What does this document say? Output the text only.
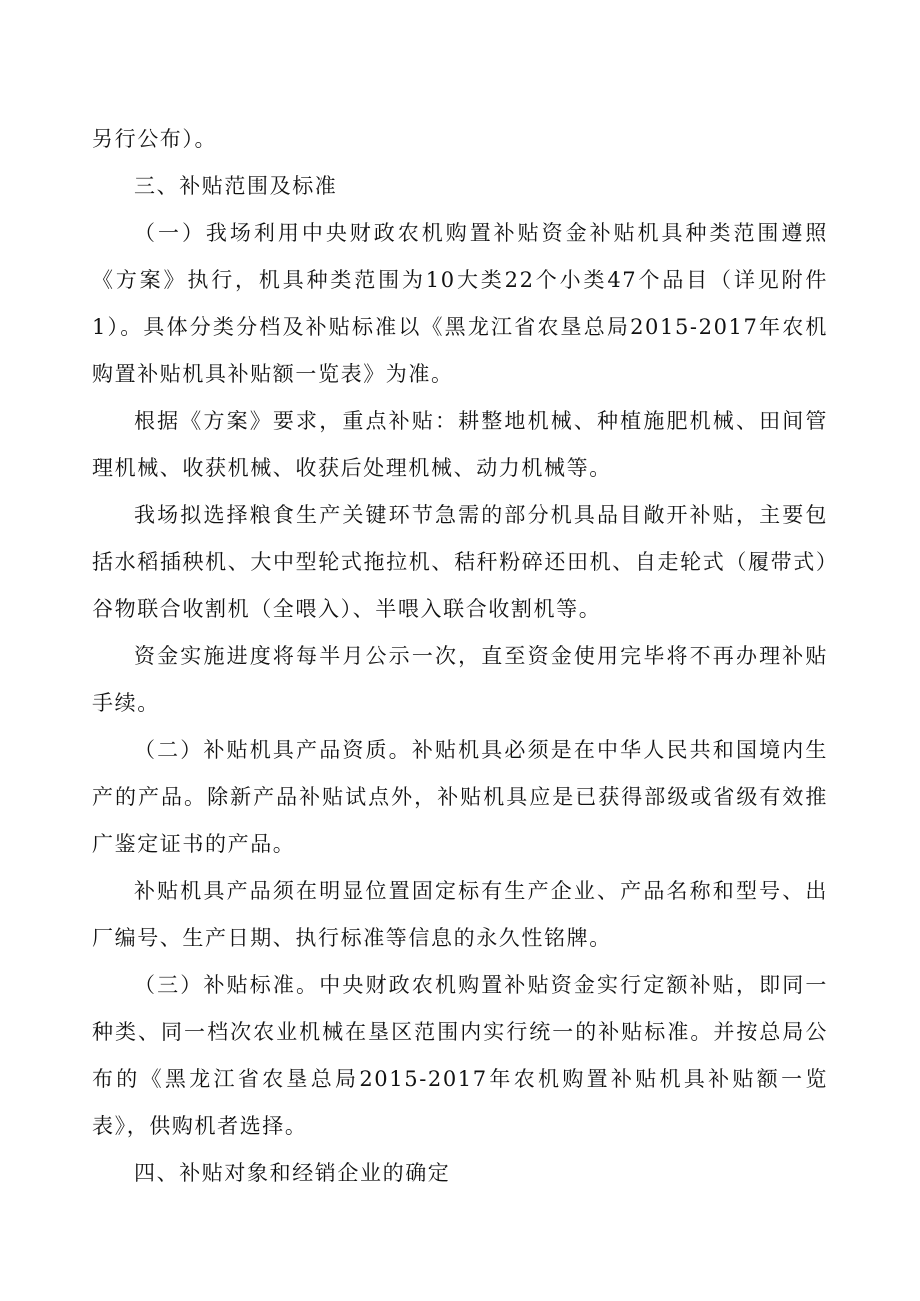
另行公布）。

三、补贴范围及标准

（一）我场利用中央财政农机购置补贴资金补贴机具种类范围遵照《方案》执行，机具种类范围为10大类22个小类47个品目（详见附件1）。具体分类分档及补贴标准以《黑龙江省农垦总局2015-2017年农机购置补贴机具补贴额一览表》为准。

根据《方案》要求，重点补贴：耕整地机械、种植施肥机械、田间管理机械、收获机械、收获后处理机械、动力机械等。

我场拟选择粮食生产关键环节急需的部分机具品目敞开补贴，主要包括水稻插秧机、大中型轮式拖拉机、秸秆粉碎还田机、自走轮式（履带式）谷物联合收割机（全喂入）、半喂入联合收割机等。

资金实施进度将每半月公示一次，直至资金使用完毕将不再办理补贴手续。

（二）补贴机具产品资质。补贴机具必须是在中华人民共和国境内生产的产品。除新产品补贴试点外，补贴机具应是已获得部级或省级有效推广鉴定证书的产品。

补贴机具产品须在明显位置固定标有生产企业、产品名称和型号、出厂编号、生产日期、执行标准等信息的永久性铭牌。

（三）补贴标准。中央财政农机购置补贴资金实行定额补贴，即同一种类、同一档次农业机械在垦区范围内实行统一的补贴标准。并按总局公布的《黑龙江省农垦总局2015-2017年农机购置补贴机具补贴额一览表》，供购机者选择。

四、补贴对象和经销企业的确定
